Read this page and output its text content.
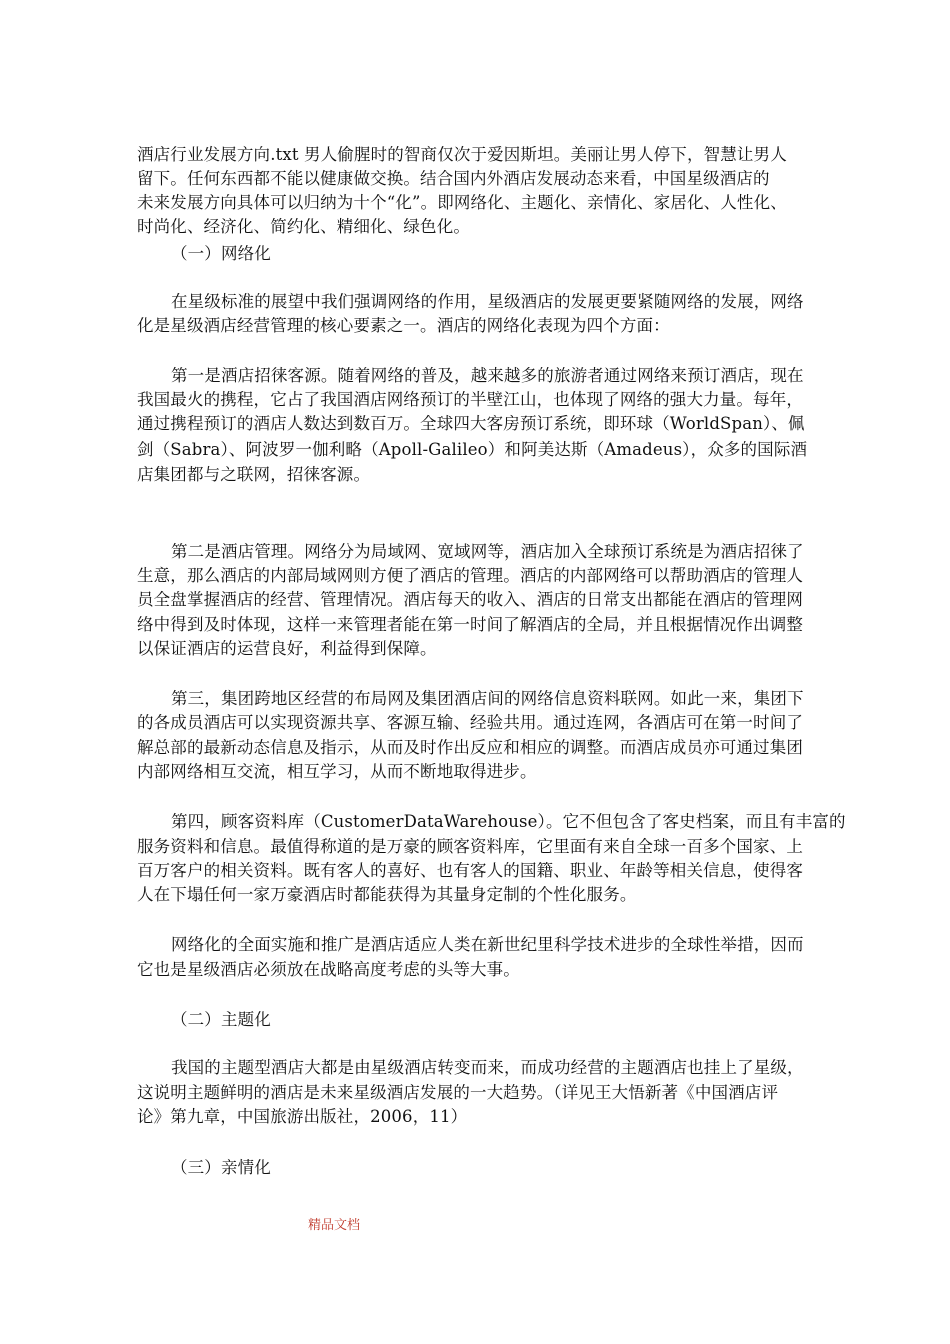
酒店行业发展方向.txt 男人偷腥时的智商仅次于爱因斯坦。美丽让男人停下，智慧让男人
留下。任何东西都不能以健康做交换。结合国内外酒店发展动态来看，中国星级酒店的
未来发展方向具体可以归纳为十个“化”。即网络化、主题化、亲情化、家居化、人性化、
时尚化、经济化、简约化、精细化、绿色化。
（一）网络化
在星级标准的展望中我们强调网络的作用，星级酒店的发展更要紧随网络的发展，网络
化是星级酒店经营管理的核心要素之一。酒店的网络化表现为四个方面：
第一是酒店招徕客源。随着网络的普及，越来越多的旅游者通过网络来预订酒店，现在
我国最火的携程，它占了我国酒店网络预订的半壁江山，也体现了网络的强大力量。每年，
通过携程预订的酒店人数达到数百万。全球四大客房预订系统，即环球（WorldSpan）、佩
剑（Sabra）、阿波罗一伽利略（Apoll-Galileo）和阿美达斯（Amadeus），众多的国际酒
店集团都与之联网，招徕客源。
第二是酒店管理。网络分为局域网、宽域网等，酒店加入全球预订系统是为酒店招徕了
生意，那么酒店的内部局域网则方便了酒店的管理。酒店的内部网络可以帮助酒店的管理人
员全盘掌握酒店的经营、管理情况。酒店每天的收入、酒店的日常支出都能在酒店的管理网
络中得到及时体现，这样一来管理者能在第一时间了解酒店的全局，并且根据情况作出调整
以保证酒店的运营良好，利益得到保障。
第三，集团跨地区经营的布局网及集团酒店间的网络信息资料联网。如此一来，集团下
的各成员酒店可以实现资源共享、客源互输、经验共用。通过连网，各酒店可在第一时间了
解总部的最新动态信息及指示，从而及时作出反应和相应的调整。而酒店成员亦可通过集团
内部网络相互交流，相互学习，从而不断地取得进步。
第四，顾客资料库（CustomerDataWarehouse）。它不但包含了客史档案，而且有丰富的
服务资料和信息。最值得称道的是万豪的顾客资料库，它里面有来自全球一百多个国家、上
百万客户的相关资料。既有客人的喜好、也有客人的国籍、职业、年龄等相关信息，使得客
人在下塌任何一家万豪酒店时都能获得为其量身定制的个性化服务。
网络化的全面实施和推广是酒店适应人类在新世纪里科学技术进步的全球性举措，因而
它也是星级酒店必须放在战略高度考虑的头等大事。
（二）主题化
我国的主题型酒店大都是由星级酒店转变而来，而成功经营的主题酒店也挂上了星级，
这说明主题鲜明的酒店是未来星级酒店发展的一大趋势。（详见王大悟新著《中国酒店评
论》第九章，中国旅游出版社，2006，11）
（三）亲情化
精品文档
